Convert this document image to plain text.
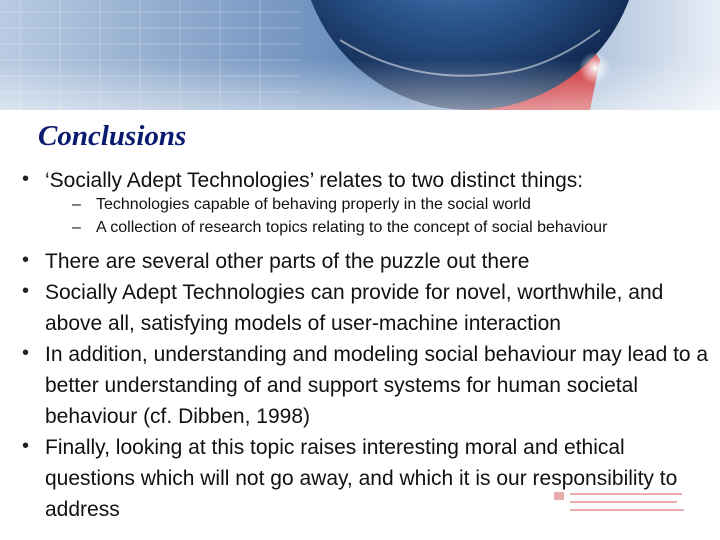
Conclusions
• ‘Socially Adept Technologies’ relates to two distinct things:
– Technologies capable of behaving properly in the social world
– A collection of research topics relating to the concept of social behaviour
• There are several other parts of the puzzle out there
• Socially Adept Technologies can provide for novel, worthwhile, and above all, satisfying models of user-machine interaction
• In addition, understanding and modeling social behaviour may lead to a better understanding of and support systems for human societal behaviour (cf. Dibben, 1998)
• Finally, looking at this topic raises interesting moral and ethical questions which will not go away, and which it is our responsibility to address
